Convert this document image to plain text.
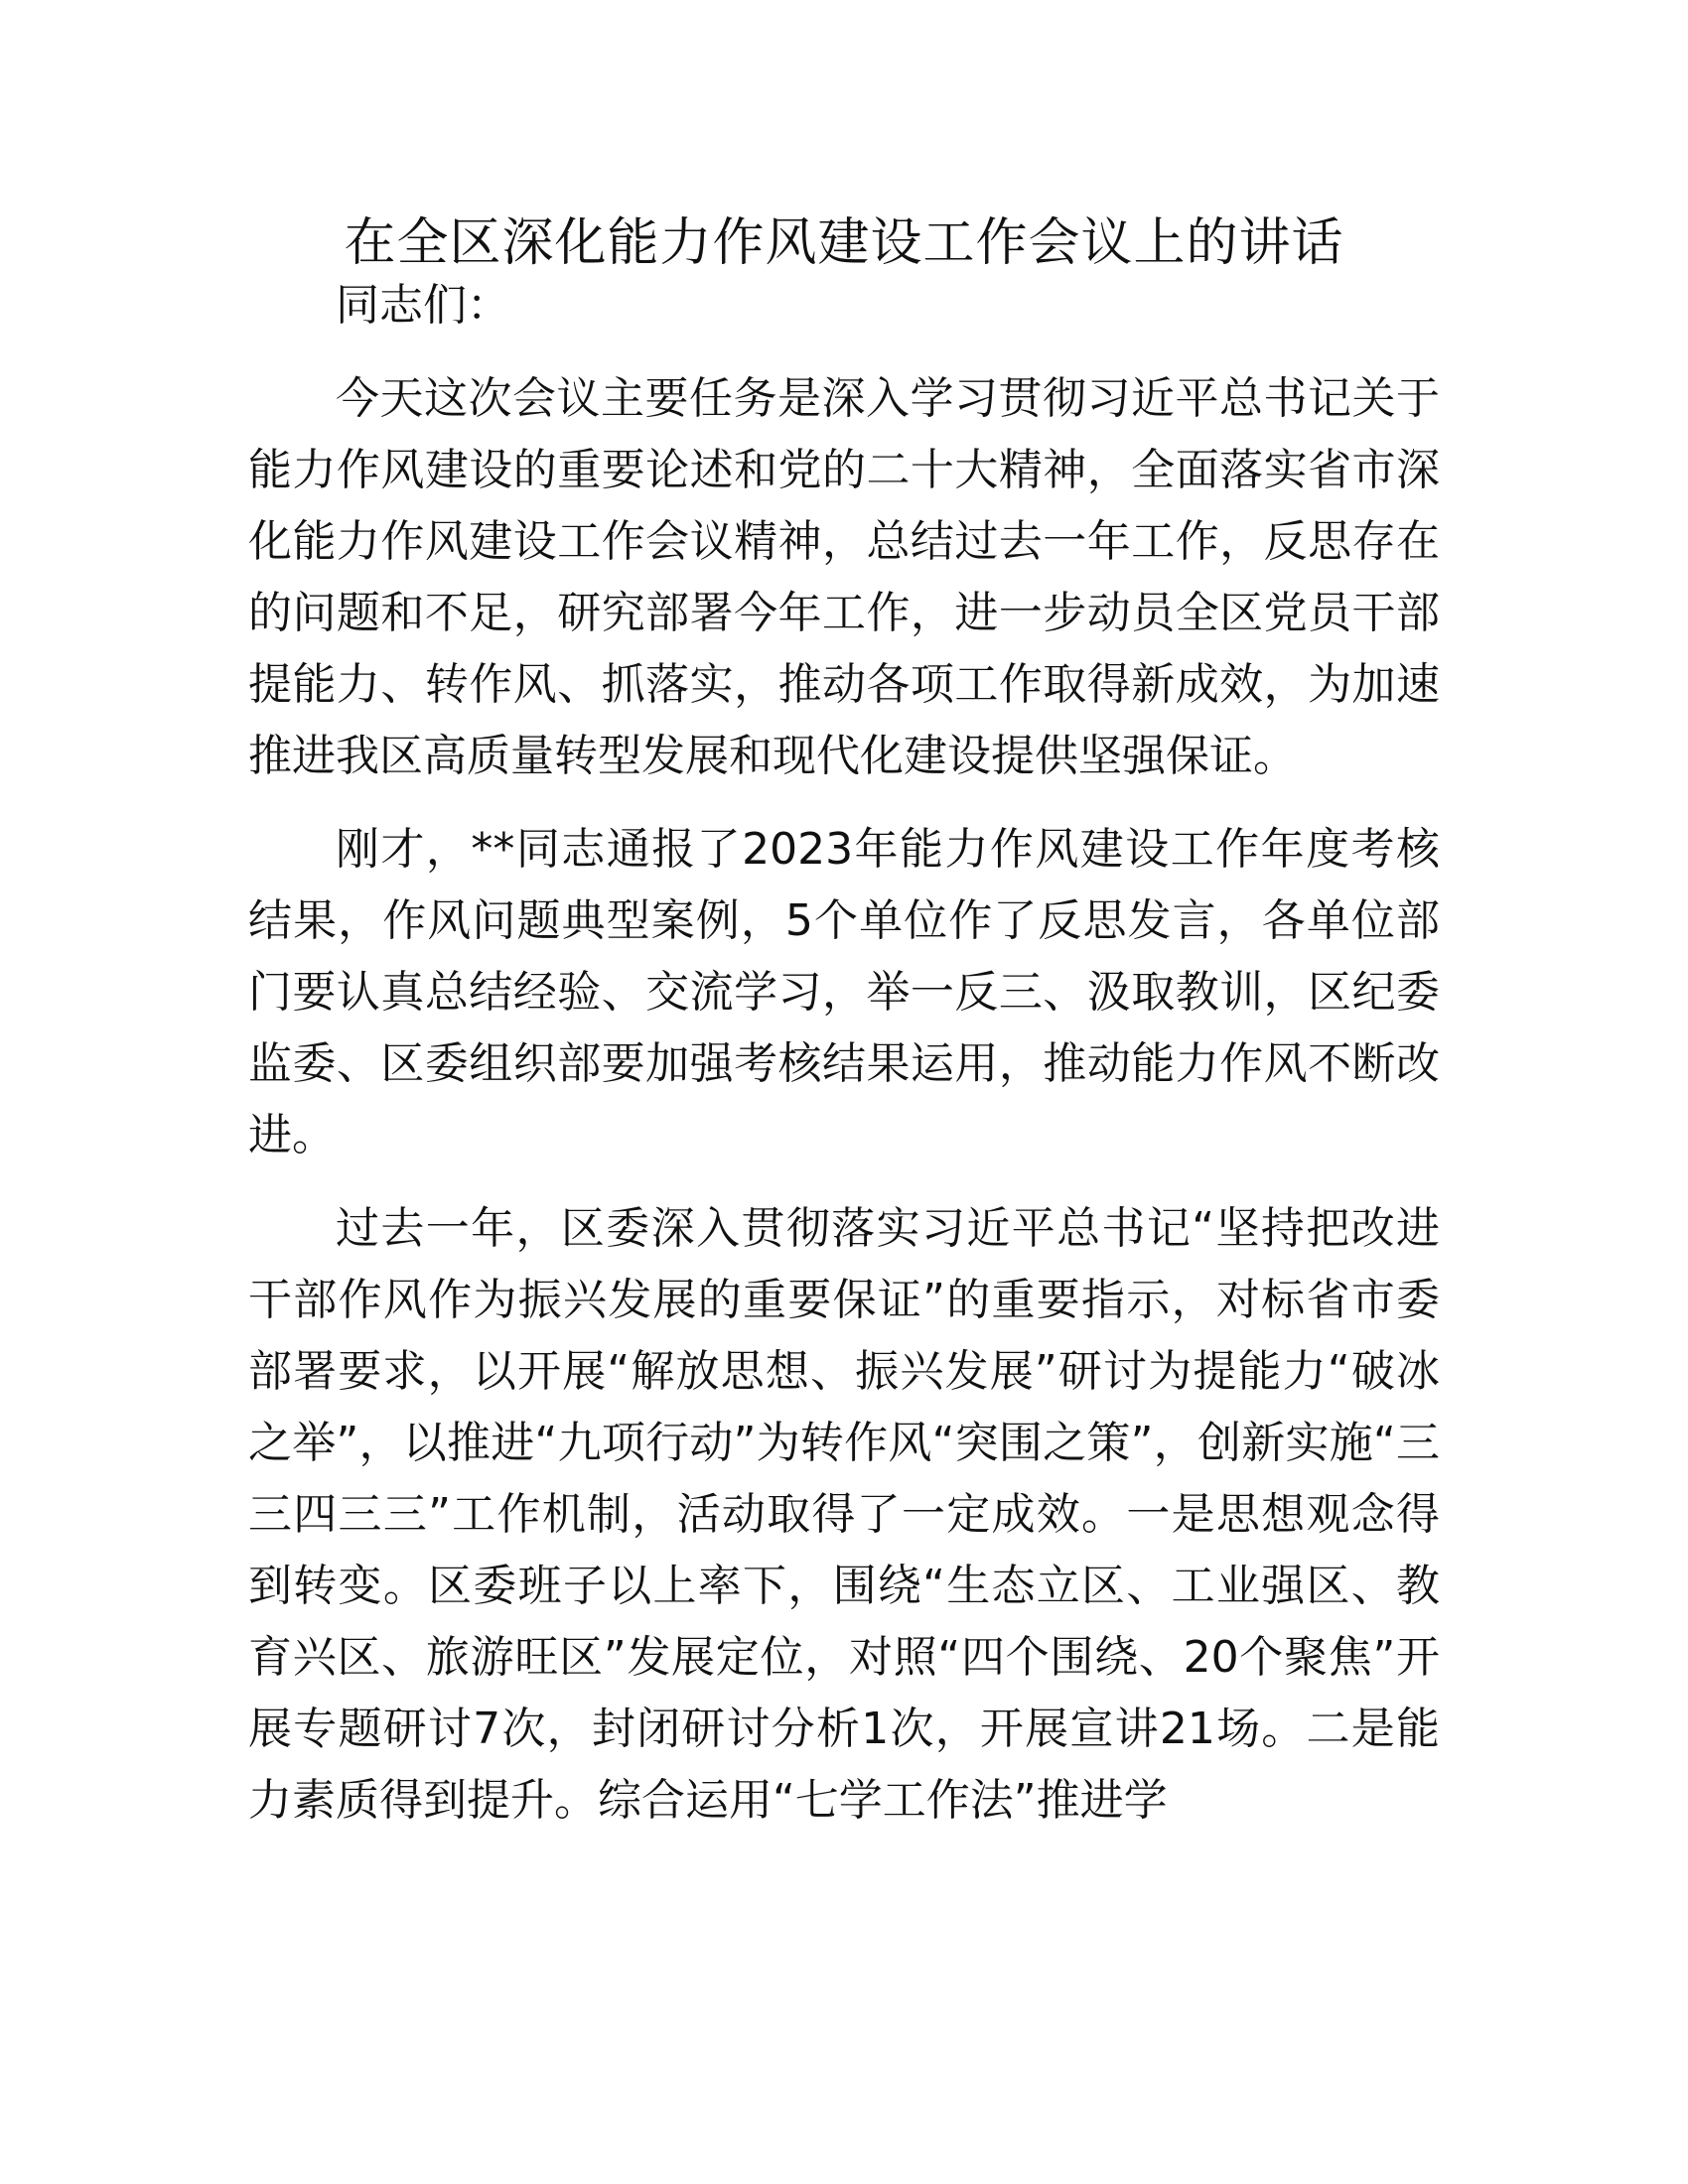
在全区深化能力作风建设工作会议上的讲话

同志们：

今天这次会议主要任务是深入学习贯彻习近平总书记关于能力作风建设的重要论述和党的二十大精神，全面落实省市深化能力作风建设工作会议精神，总结过去一年工作，反思存在的问题和不足，研究部署今年工作，进一步动员全区党员干部提能力、转作风、抓落实，推动各项工作取得新成效，为加速推进我区高质量转型发展和现代化建设提供坚强保证。

刚才，**同志通报了2023年能力作风建设工作年度考核结果，作风问题典型案例，5个单位作了反思发言，各单位部门要认真总结经验、交流学习，举一反三、汲取教训，区纪委监委、区委组织部要加强考核结果运用，推动能力作风不断改进。

过去一年，区委深入贯彻落实习近平总书记“坚持把改进干部作风作为振兴发展的重要保证”的重要指示，对标省市委部署要求，以开展“解放思想、振兴发展”研讨为提能力“破冰之举”，以推进“九项行动”为转作风“突围之策”，创新实施“三三四三三”工作机制，活动取得了一定成效。一是思想观念得到转变。区委班子以上率下，围绕“生态立区、工业强区、教育兴区、旅游旺区”发展定位，对照“四个围绕、20个聚焦”开展专题研讨7次，封闭研讨分析1次，开展宣讲21场。二是能力素质得到提升。综合运用“七学工作法”推进学
